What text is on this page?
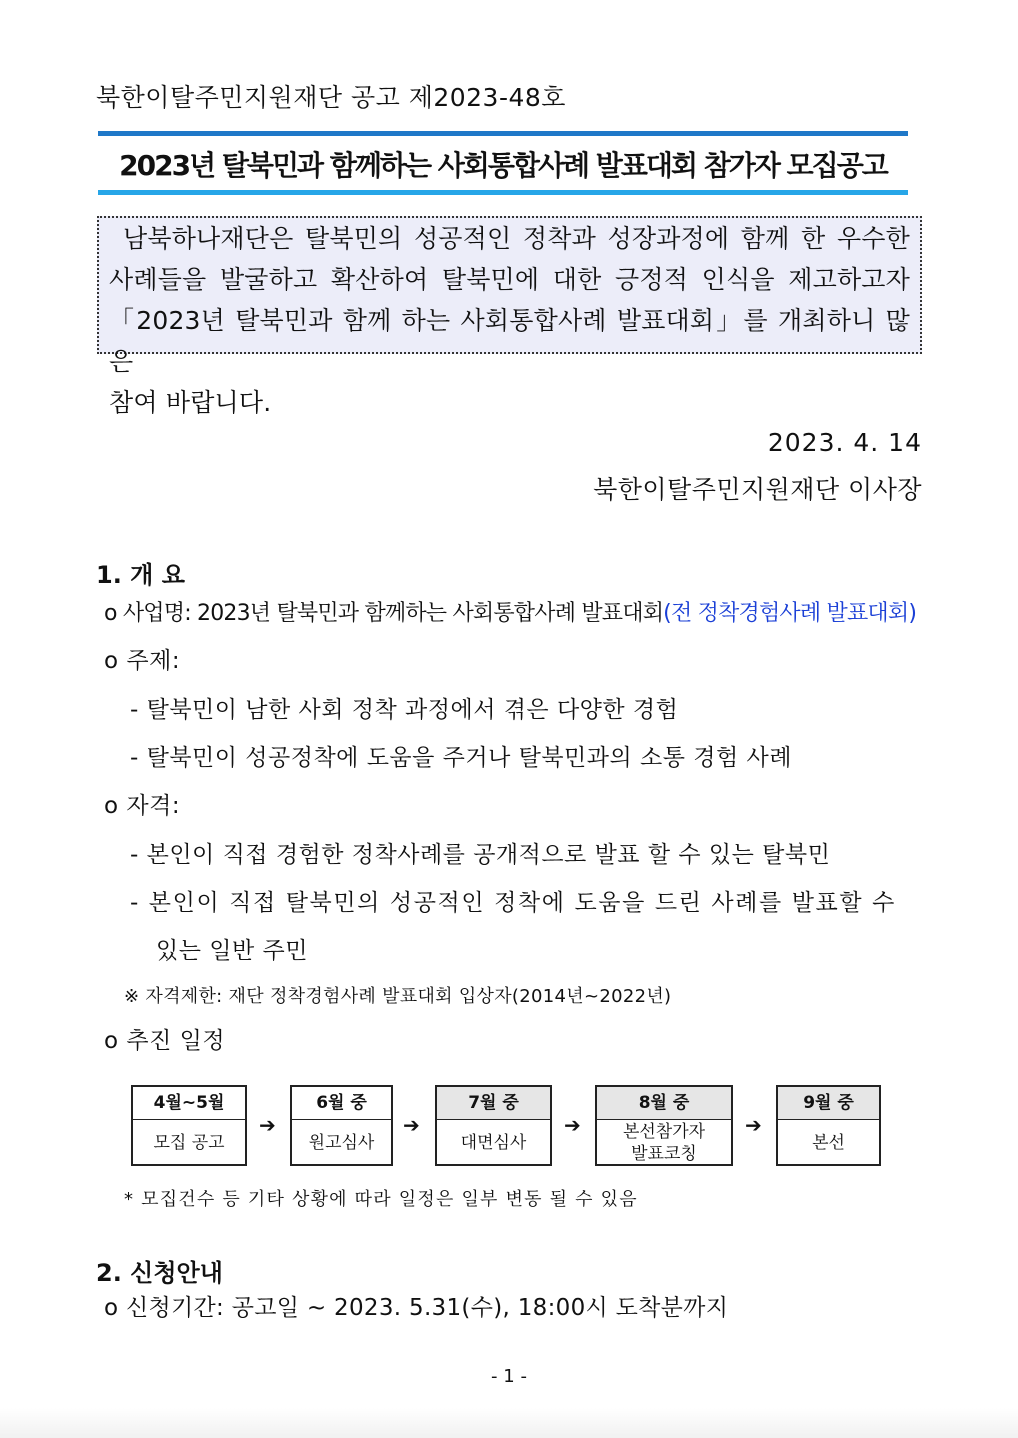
북한이탈주민지원재단 공고 제2023-48호
2023년 탈북민과 함께하는 사회통합사례 발표대회 참가자 모집공고

남북하나재단은 탈북민의 성공적인 정착과 성장과정에 함께 한 우수한

사례들을 발굴하고 확산하여 탈북민에 대한 긍정적 인식을 제고하고자

「2023년 탈북민과 함께 하는 사회통합사례 발표대회」를 개최하니 많은

참여 바랍니다.

2023. 4. 14
북한이탈주민지원재단 이사장
1. 개 요
o 사업명: 2023년 탈북민과 함께하는 사회통합사례 발표대회(전 정착경험사례 발표대회)
o 주제:
- 탈북민이 남한 사회 정착 과정에서 겪은 다양한 경험
- 탈북민이 성공정착에 도움을 주거나 탈북민과의 소통 경험 사례
o 자격:
- 본인이 직접 경험한 정착사례를 공개적으로 발표 할 수 있는 탈북민
- 본인이 직접 탈북민의 성공적인 정착에 도움을 드린 사례를 발표할 수
있는 일반 주민
※ 자격제한: 재단 정착경험사례 발표대회 입상자(2014년~2022년)
o 추진 일정
4월~5월
모집 공고
➔
6월 중
원고심사
➔
7월 중
대면심사
➔
8월 중
본선참가자
발표코칭
➔
9월 중
본선
* 모집건수 등 기타 상황에 따라 일정은 일부 변동 될 수 있음
2. 신청안내
o 신청기간: 공고일 ~ 2023. 5.31(수), 18:00시 도착분까지
- 1 -
